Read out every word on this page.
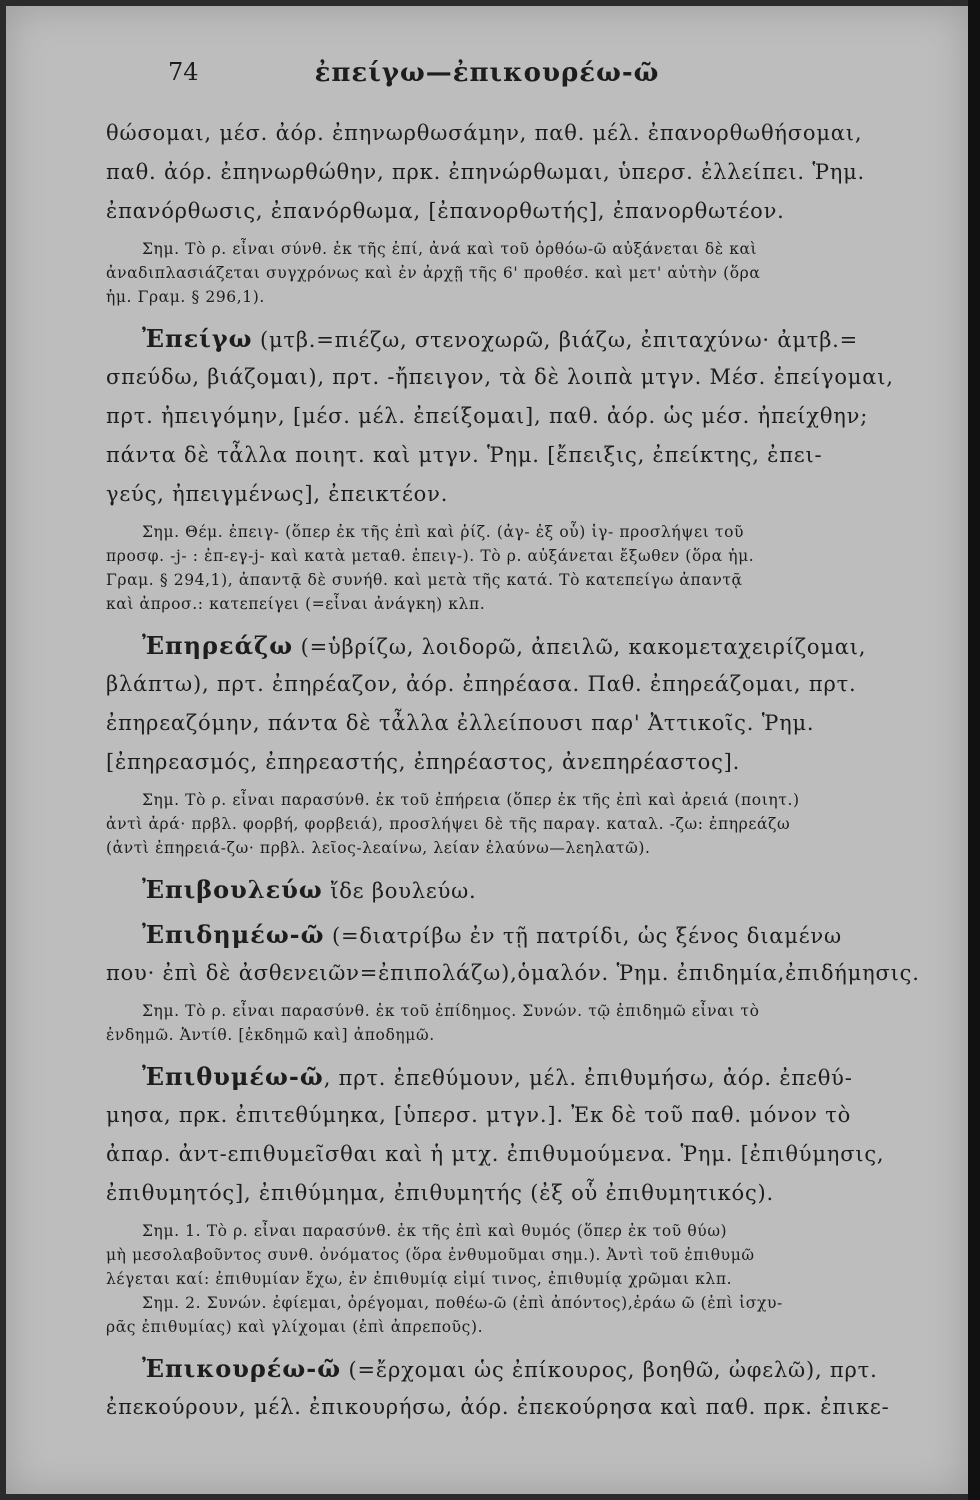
74	ἐπείγω—ἐπικουρέω-ῶ
θώσομαι, μέσ. ἀόρ. ἐπηνωρθωσάμην, παθ. μέλ. ἐπανορθωθήσομαι,
παθ. ἀόρ. ἐπηνωρθώθην, πρκ. ἐπηνώρθωμαι, ὑπερσ. ἐλλείπει. Ῥημ.
ἐπανόρθωσις, ἐπανόρθωμα, [ἐπανορθωτής], ἐπανορθωτέον.
Σημ. Τὸ ρ. εἶναι σύνθ. ἐκ τῆς ἐπί, ἀνά καὶ τοῦ ὀρθόω-ῶ αὐξάνεται δὲ καὶ
ἀναδιπλασιάζεται συγχρόνως καὶ ἐν ἀρχῇ τῆς 6' προθέσ. καὶ μετ' αὐτὴν (ὅρα
ἡμ. Γραμ. § 296,1).
Ἐπείγω (μτβ.=πιέζω, στενοχωρῶ, βιάζω, ἐπιταχύνω· ἀμτβ.=
σπεύδω, βιάζομαι), πρτ. -ἤπειγον, τὰ δὲ λοιπὰ μτγν. Μέσ. ἐπείγομαι,
πρτ. ἠπειγόμην, [μέσ. μέλ. ἐπείξομαι], παθ. ἀόρ. ὡς μέσ. ἠπείχθην;
πάντα δὲ τἆλλα ποιητ. καὶ μτγν. Ῥημ. [ἔπειξις, ἐπείκτης, ἐπει-
γεύς, ἠπειγμένως], ἐπεικτέον.
Σημ. Θέμ. ἐπειγ- (ὅπερ ἐκ τῆς ἐπὶ καὶ ῥίζ. (ἀγ- ἐξ οὗ) ἱγ- προσλήψει τοῦ
προσφ. -j- : ἐπ-εγ-j- καὶ κατὰ μεταθ. ἐπειγ-). Τὸ ρ. αὐξάνεται ἔξωθεν (ὅρα ἡμ.
Γραμ. § 294,1), ἀπαντᾷ δὲ συνήθ. καὶ μετὰ τῆς κατά. Τὸ κατεπείγω ἀπαντᾷ
καὶ ἀπροσ.: κατεπείγει (=εἶναι ἀνάγκη) κλπ.
Ἐπηρεάζω (=ὑβρίζω, λοιδορῶ, ἀπειλῶ, κακομεταχειρίζομαι,
βλάπτω), πρτ. ἐπηρέαζον, ἀόρ. ἐπηρέασα. Παθ. ἐπηρεάζομαι, πρτ.
ἐπηρεαζόμην, πάντα δὲ τἆλλα ἐλλείπουσι παρ' Ἀττικοῖς. Ῥημ.
[ἐπηρεασμός, ἐπηρεαστής, ἐπηρέαστος, ἀνεπηρέαστος].
Σημ. Τὸ ρ. εἶναι παρασύνθ. ἐκ τοῦ ἐπήρεια (ὅπερ ἐκ τῆς ἐπὶ καὶ ἀρειά (ποιητ.)
ἀντὶ ἀρά· πρβλ. φορβή, φορβειά), προσλήψει δὲ τῆς παραγ. καταλ. -ζω: ἐπηρεάζω
(ἀντὶ ἐπηρειά-ζω· πρβλ. λεῖος-λεαίνω, λείαν ἐλαύνω—λεηλατῶ).
Ἐπιβουλεύω ἴδε βουλεύω.
Ἐπιδημέω-ῶ (=διατρίβω ἐν τῇ πατρίδι, ὡς ξένος διαμένω
που· ἐπὶ δὲ ἀσθενειῶν=ἐπιπολάζω),ὁμαλόν. Ῥημ. ἐπιδημία,ἐπιδήμησις.
Σημ. Τὸ ρ. εἶναι παρασύνθ. ἐκ τοῦ ἐπίδημος. Συνών. τῷ ἐπιδημῶ εἶναι τὸ
ἐνδημῶ. Ἀντίθ. [ἐκδημῶ καὶ] ἀποδημῶ.
Ἐπιθυμέω-ῶ, πρτ. ἐπεθύμουν, μέλ. ἐπιθυμήσω, ἀόρ. ἐπεθύ-
μησα, πρκ. ἐπιτεθύμηκα, [ὑπερσ. μτγν.]. Ἐκ δὲ τοῦ παθ. μόνον τὸ
ἀπαρ. ἀντ-επιθυμεῖσθαι καὶ ἡ μτχ. ἐπιθυμούμενα. Ῥημ. [ἐπιθύμησις,
ἐπιθυμητός], ἐπιθύμημα, ἐπιθυμητής (ἐξ οὗ ἐπιθυμητικός).
Σημ. 1. Τὸ ρ. εἶναι παρασύνθ. ἐκ τῆς ἐπὶ καὶ θυμός (ὅπερ ἐκ τοῦ θύω)
μὴ μεσολαβοῦντος συνθ. ὀνόματος (ὅρα ἐνθυμοῦμαι σημ.). Ἀντὶ τοῦ ἐπιθυμῶ
λέγεται καί: ἐπιθυμίαν ἔχω, ἐν ἐπιθυμίᾳ εἰμί τινος, ἐπιθυμίᾳ χρῶμαι κλπ.
Σημ. 2. Συνών. ἐφίεμαι, ὀρέγομαι, ποθέω-ῶ (ἐπὶ ἀπόντος),ἐράω ῶ (ἐπὶ ἰσχυ-
ρᾶς ἐπιθυμίας) καὶ γλίχομαι (ἐπὶ ἀπρεποῦς).
Ἐπικουρέω-ῶ (=ἔρχομαι ὡς ἐπίκουρος, βοηθῶ, ὠφελῶ), πρτ.
ἐπεκούρουν, μέλ. ἐπικουρήσω, ἀόρ. ἐπεκούρησα καὶ παθ. πρκ. ἐπικε-
